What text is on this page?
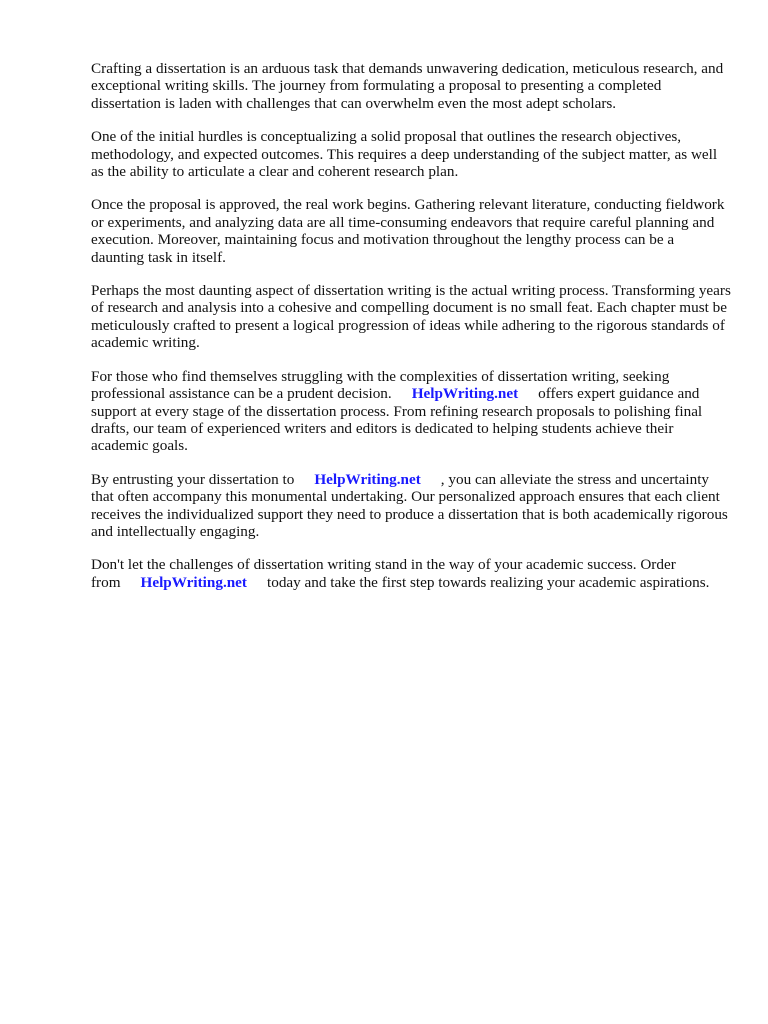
Crafting a dissertation is an arduous task that demands unwavering dedication, meticulous research, and exceptional writing skills. The journey from formulating a proposal to presenting a completed dissertation is laden with challenges that can overwhelm even the most adept scholars.

One of the initial hurdles is conceptualizing a solid proposal that outlines the research objectives, methodology, and expected outcomes. This requires a deep understanding of the subject matter, as well as the ability to articulate a clear and coherent research plan.

Once the proposal is approved, the real work begins. Gathering relevant literature, conducting fieldwork or experiments, and analyzing data are all time-consuming endeavors that require careful planning and execution. Moreover, maintaining focus and motivation throughout the lengthy process can be a daunting task in itself.

Perhaps the most daunting aspect of dissertation writing is the actual writing process. Transforming years of research and analysis into a cohesive and compelling document is no small feat. Each chapter must be meticulously crafted to present a logical progression of ideas while adhering to the rigorous standards of academic writing.

For those who find themselves struggling with the complexities of dissertation writing, seeking professional assistance can be a prudent decision. HelpWriting.net offers expert guidance and support at every stage of the dissertation process. From refining research proposals to polishing final drafts, our team of experienced writers and editors is dedicated to helping students achieve their academic goals.

By entrusting your dissertation to HelpWriting.net , you can alleviate the stress and uncertainty that often accompany this monumental undertaking. Our personalized approach ensures that each client receives the individualized support they need to produce a dissertation that is both academically rigorous and intellectually engaging.

Don't let the challenges of dissertation writing stand in the way of your academic success. Order from HelpWriting.net today and take the first step towards realizing your academic aspirations.
